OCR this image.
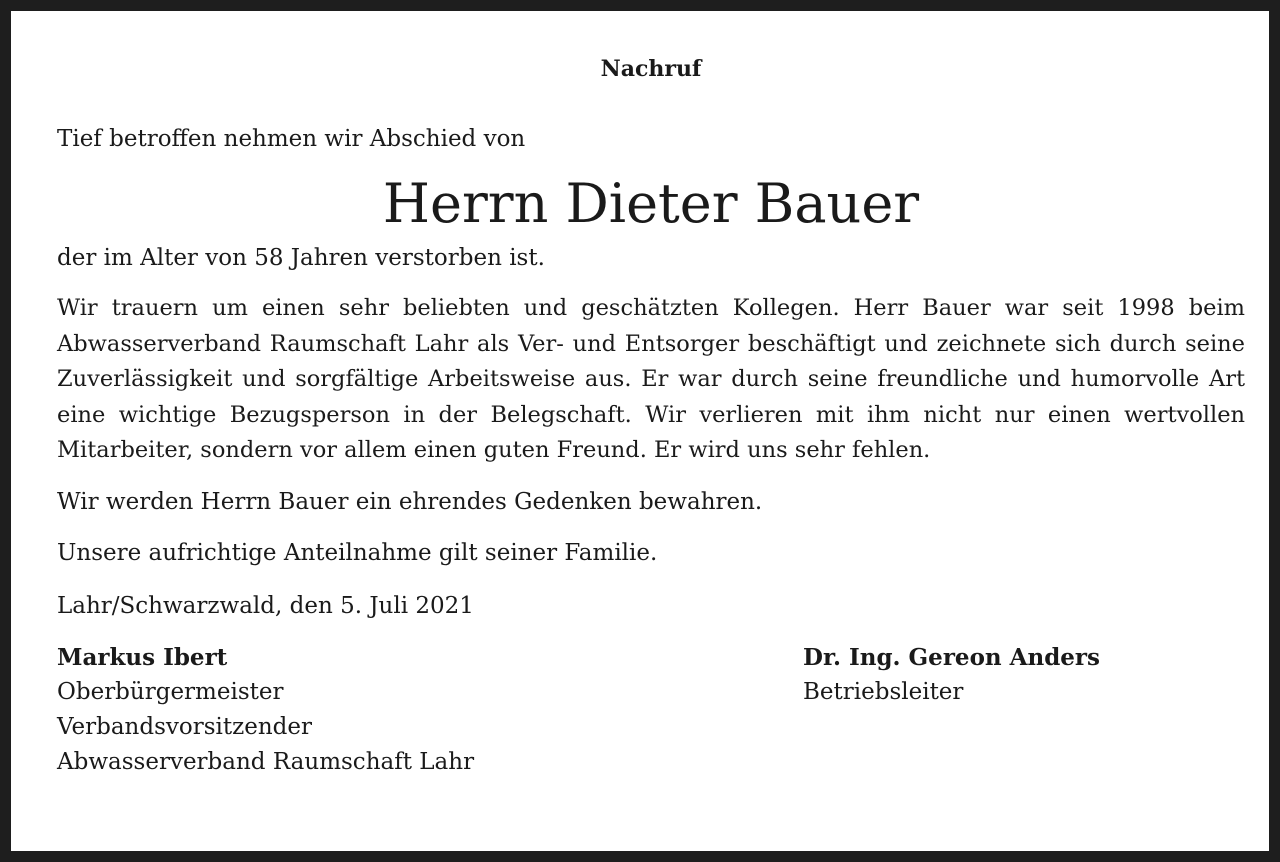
Nachruf

Tief betroffen nehmen wir Abschied von

Herrn Dieter Bauer

der im Alter von 58 Jahren verstorben ist.

Wir trauern um einen sehr beliebten und geschätzten Kollegen. Herr Bauer war seit 1998 beim Abwasserverband Raumschaft Lahr als Ver- und Entsorger beschäftigt und zeichnete sich durch seine Zuverlässigkeit und sorgfältige Arbeitsweise aus. Er war durch seine freundliche und humorvolle Art eine wichtige Bezugsperson in der Belegschaft. Wir verlieren mit ihm nicht nur einen wertvollen Mitarbeiter, sondern vor allem einen guten Freund. Er wird uns sehr fehlen.

Wir werden Herrn Bauer ein ehrendes Gedenken bewahren.

Unsere aufrichtige Anteilnahme gilt seiner Familie.

Lahr/Schwarzwald, den 5. Juli 2021

Markus Ibert

Oberbürgermeister

Verbandsvorsitzender

Abwasserverband Raumschaft Lahr

Dr. Ing. Gereon Anders

Betriebsleiter
